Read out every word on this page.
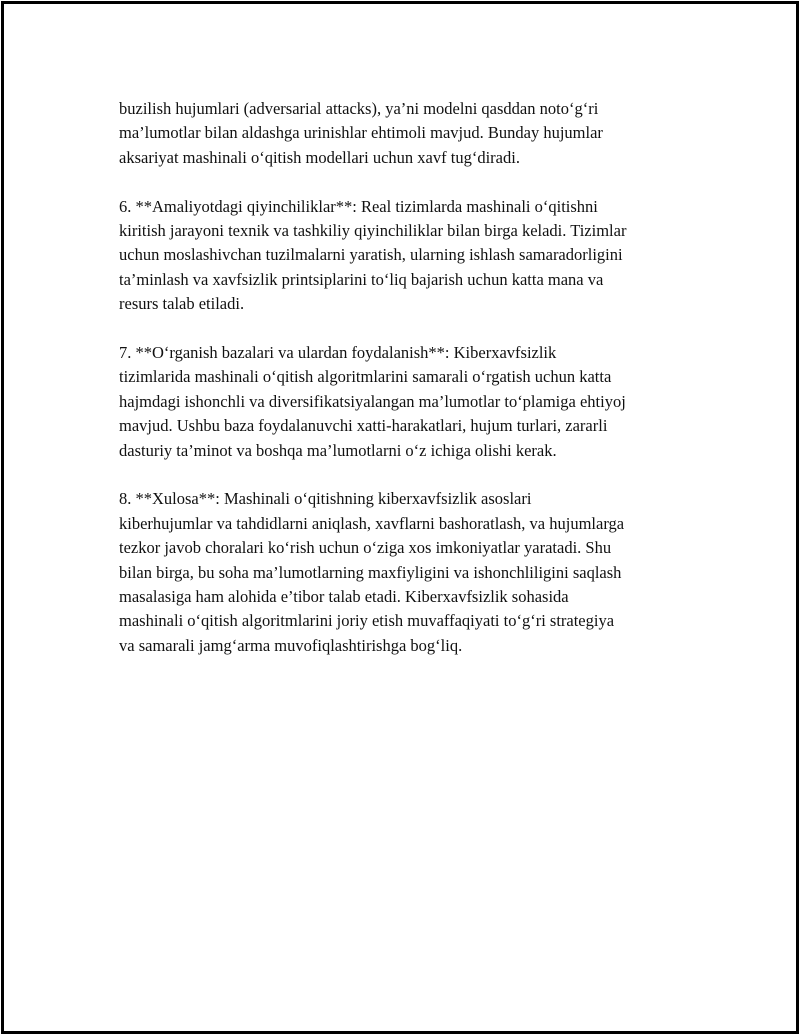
buzilish hujumlari (adversarial attacks), ya’ni modelni qasddan noto‘g‘ri
ma’lumotlar bilan aldashga urinishlar ehtimoli mavjud. Bunday hujumlar
aksariyat mashinali o‘qitish modellari uchun xavf tug‘diradi.

6. **Amaliyotdagi qiyinchiliklar**: Real tizimlarda mashinali o‘qitishni
kiritish jarayoni texnik va tashkiliy qiyinchiliklar bilan birga keladi. Tizimlar
uchun moslashivchan tuzilmalarni yaratish, ularning ishlash samaradorligini
ta’minlash va xavfsizlik printsiplarini to‘liq bajarish uchun katta mana va
resurs talab etiladi.

7. **O‘rganish bazalari va ulardan foydalanish**: Kiberxavfsizlik
tizimlarida mashinali o‘qitish algoritmlarini samarali o‘rgatish uchun katta
hajmdagi ishonchli va diversifikatsiyalangan ma’lumotlar to‘plamiga ehtiyoj
mavjud. Ushbu baza foydalanuvchi xatti-harakatlari, hujum turlari, zararli
dasturiy ta’minot va boshqa ma’lumotlarni o‘z ichiga olishi kerak.

8. **Xulosa**: Mashinali o‘qitishning kiberxavfsizlik asoslari
kiberhujumlar va tahdidlarni aniqlash, xavflarni bashoratlash, va hujumlarga
tezkor javob choralari ko‘rish uchun o‘ziga xos imkoniyatlar yaratadi. Shu
bilan birga, bu soha ma’lumotlarning maxfiyligini va ishonchliligini saqlash
masalasiga ham alohida e’tibor talab etadi. Kiberxavfsizlik sohasida
mashinali o‘qitish algoritmlarini joriy etish muvaffaqiyati to‘g‘ri strategiya
va samarali jamg‘arma muvofiqlashtirishga bog‘liq.
